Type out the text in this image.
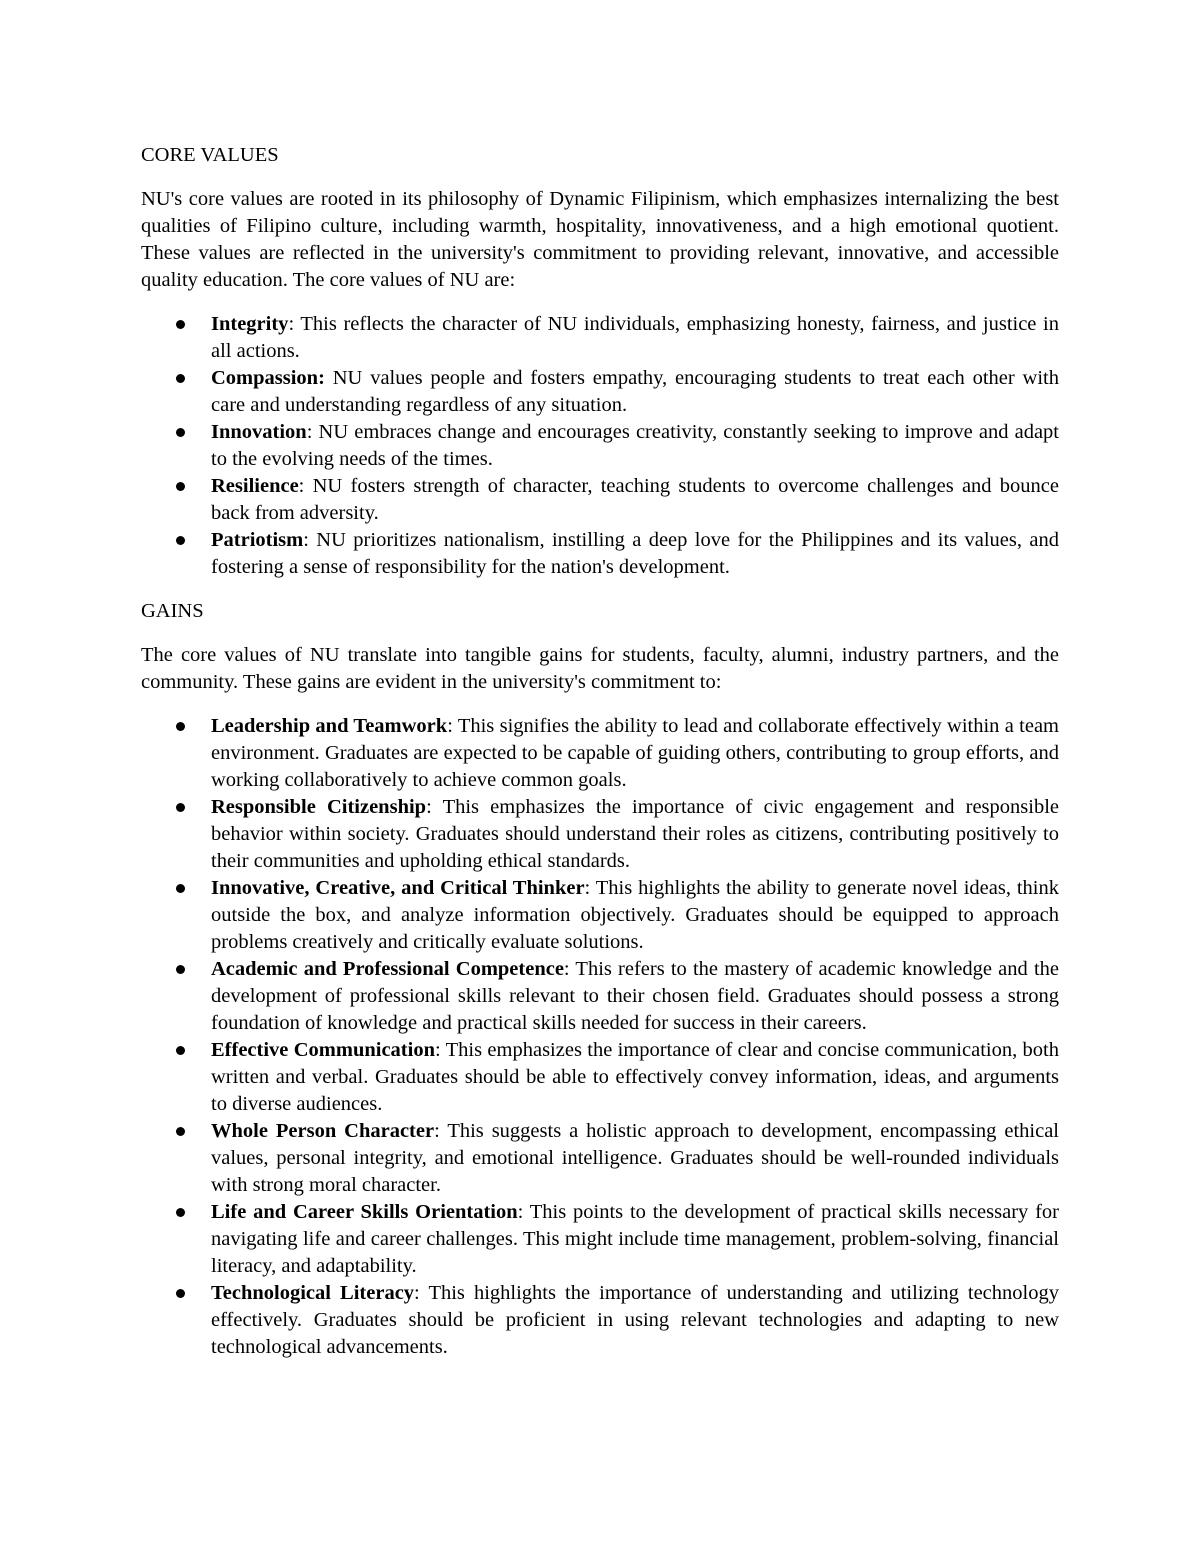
CORE VALUES

NU's core values are rooted in its philosophy of Dynamic Filipinism, which emphasizes internalizing the best qualities of Filipino culture, including warmth, hospitality, innovativeness, and a high emotional quotient. These values are reflected in the university's commitment to providing relevant, innovative, and accessible quality education. The core values of NU are:

Integrity: This reflects the character of NU individuals, emphasizing honesty, fairness, and justice in all actions.
Compassion: NU values people and fosters empathy, encouraging students to treat each other with care and understanding regardless of any situation.
Innovation: NU embraces change and encourages creativity, constantly seeking to improve and adapt to the evolving needs of the times.
Resilience: NU fosters strength of character, teaching students to overcome challenges and bounce back from adversity.
Patriotism: NU prioritizes nationalism, instilling a deep love for the Philippines and its values, and fostering a sense of responsibility for the nation's development.
GAINS

The core values of NU translate into tangible gains for students, faculty, alumni, industry partners, and the community. These gains are evident in the university's commitment to:

Leadership and Teamwork: This signifies the ability to lead and collaborate effectively within a team environment. Graduates are expected to be capable of guiding others, contributing to group efforts, and working collaboratively to achieve common goals.
Responsible Citizenship: This emphasizes the importance of civic engagement and responsible behavior within society. Graduates should understand their roles as citizens, contributing positively to their communities and upholding ethical standards.
Innovative, Creative, and Critical Thinker: This highlights the ability to generate novel ideas, think outside the box, and analyze information objectively. Graduates should be equipped to approach problems creatively and critically evaluate solutions.
Academic and Professional Competence: This refers to the mastery of academic knowledge and the development of professional skills relevant to their chosen field. Graduates should possess a strong foundation of knowledge and practical skills needed for success in their careers.
Effective Communication: This emphasizes the importance of clear and concise communication, both written and verbal. Graduates should be able to effectively convey information, ideas, and arguments to diverse audiences.
Whole Person Character: This suggests a holistic approach to development, encompassing ethical values, personal integrity, and emotional intelligence. Graduates should be well-rounded individuals with strong moral character.
Life and Career Skills Orientation: This points to the development of practical skills necessary for navigating life and career challenges. This might include time management, problem-solving, financial literacy, and adaptability.
Technological Literacy: This highlights the importance of understanding and utilizing technology effectively. Graduates should be proficient in using relevant technologies and adapting to new technological advancements.
